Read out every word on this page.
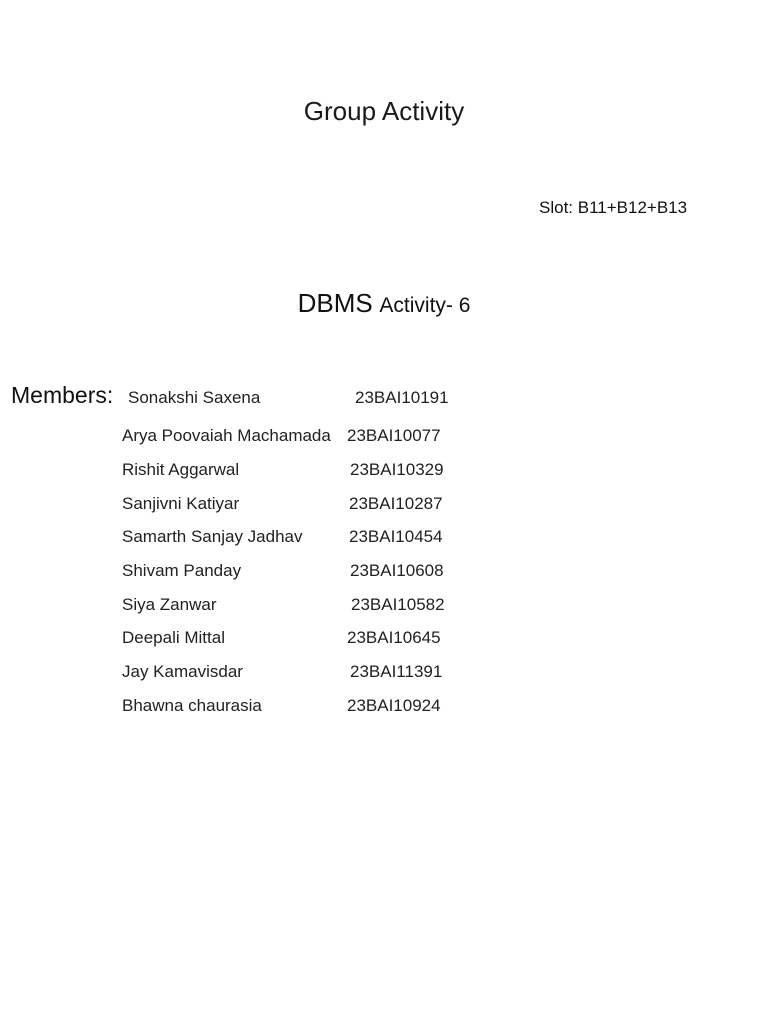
Group Activity
Slot: B11+B12+B13
DBMS Activity- 6
Members: Sonakshi Saxena	23BAI10191
Arya Poovaiah Machamada 23BAI10077
Rishit Aggarwal	23BAI10329
Sanjivni Katiyar	23BAI10287
Samarth Sanjay Jadhav	23BAI10454
Shivam Panday	23BAI10608
Siya Zanwar	23BAI10582
Deepali Mittal	23BAI10645
Jay Kamavisdar	23BAI11391
Bhawna chaurasia	23BAI10924
